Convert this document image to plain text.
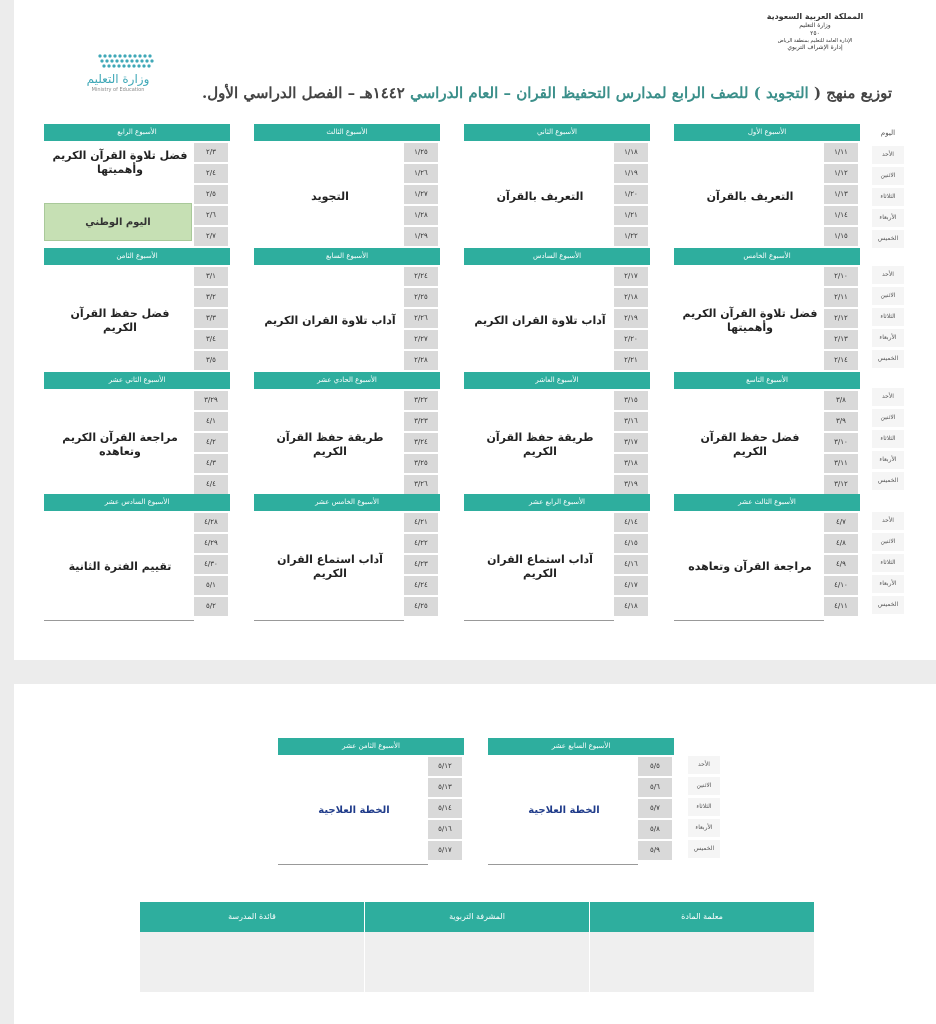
المملكة العربية السعودية
وزارة التعليم
٢٥٠
الإدارة العامة للتعليم بمنطقة الرياض
إدارة الإشراف التربوي
وزارة التعليم
Ministry of Education	توزيع منهج ( التجويد ) للصف الرابع لمدارس التحفيظ القران – العام الدراسي ١٤٤٢هـ – الفصل الدراسي الأول.
اليوم
الأحد
الاثنين
الثلاثاء
الأربعاء
الخميس
الأحد
الاثنين
الثلاثاء
الأربعاء
الخميس
الأحد
الاثنين
الثلاثاء
الأربعاء
الخميس
الأحد
الاثنين
الثلاثاء
الأربعاء
الخميس
الأسبوع الأول
١/١١
١/١٢
١/١٣
١/١٤
١/١٥
التعريف بالقرآن
الأسبوع الثاني
١/١٨
١/١٩
١/٢٠
١/٢١
١/٢٢
التعريف بالقرآن
الأسبوع الثالث
١/٢٥
١/٢٦
١/٢٧
١/٢٨
١/٢٩
التجويد
الأسبوع الرابع
٢/٣
٢/٤
٢/٥
٢/٦
٢/٧
فضل تلاوة القرآن الكريم وأهميتها
اليوم الوطني
الأسبوع الخامس
٢/١٠
٢/١١
٢/١٢
٢/١٣
٢/١٤
فضل تلاوة القرآن الكريم وأهميتها
الأسبوع السادس
٢/١٧
٢/١٨
٢/١٩
٢/٢٠
٢/٢١
آداب تلاوة القران الكريم
الأسبوع السابع
٢/٢٤
٢/٢٥
٢/٢٦
٢/٢٧
٢/٢٨
آداب تلاوة القران الكريم
الأسبوع الثامن
٣/١
٣/٢
٣/٣
٣/٤
٣/٥
فضل حفظ القرآن الكريم
الأسبوع التاسع
٣/٨
٣/٩
٣/١٠
٣/١١
٣/١٢
فضل حفظ القرآن الكريم
الأسبوع العاشر
٣/١٥
٣/١٦
٣/١٧
٣/١٨
٣/١٩
طريقة حفظ القرآن الكريم
الأسبوع الحادي عشر
٣/٢٢
٣/٢٣
٣/٢٤
٣/٢٥
٣/٢٦
طريقة حفظ القرآن الكريم
الأسبوع الثاني عشر
٣/٢٩
٤/١
٤/٢
٤/٣
٤/٤
مراجعة القرآن الكريم وتعاهده
الأسبوع الثالث عشر
٤/٧
٤/٨
٤/٩
٤/١٠
٤/١١
مراجعة القرآن وتعاهده
الأسبوع الرابع عشر
٤/١٤
٤/١٥
٤/١٦
٤/١٧
٤/١٨
آداب استماع القران الكريم
الأسبوع الخامس عشر
٤/٢١
٤/٢٢
٤/٢٣
٤/٢٤
٤/٢٥
آداب استماع القران الكريم
الأسبوع السادس عشر
٤/٢٨
٤/٢٩
٤/٣٠
٥/١
٥/٢
تقييم الفترة الثانية
الأحد
الاثنين
الثلاثاء
الأربعاء
الخميس
الأسبوع السابع عشر
٥/٥
٥/٦
٥/٧
٥/٨
٥/٩
الخطة العلاجية
الأسبوع الثامن عشر
٥/١٢
٥/١٣
٥/١٤
٥/١٦
٥/١٧
الخطة العلاجية
معلمة المادة
المشرفة التربوية
قائدة المدرسة
